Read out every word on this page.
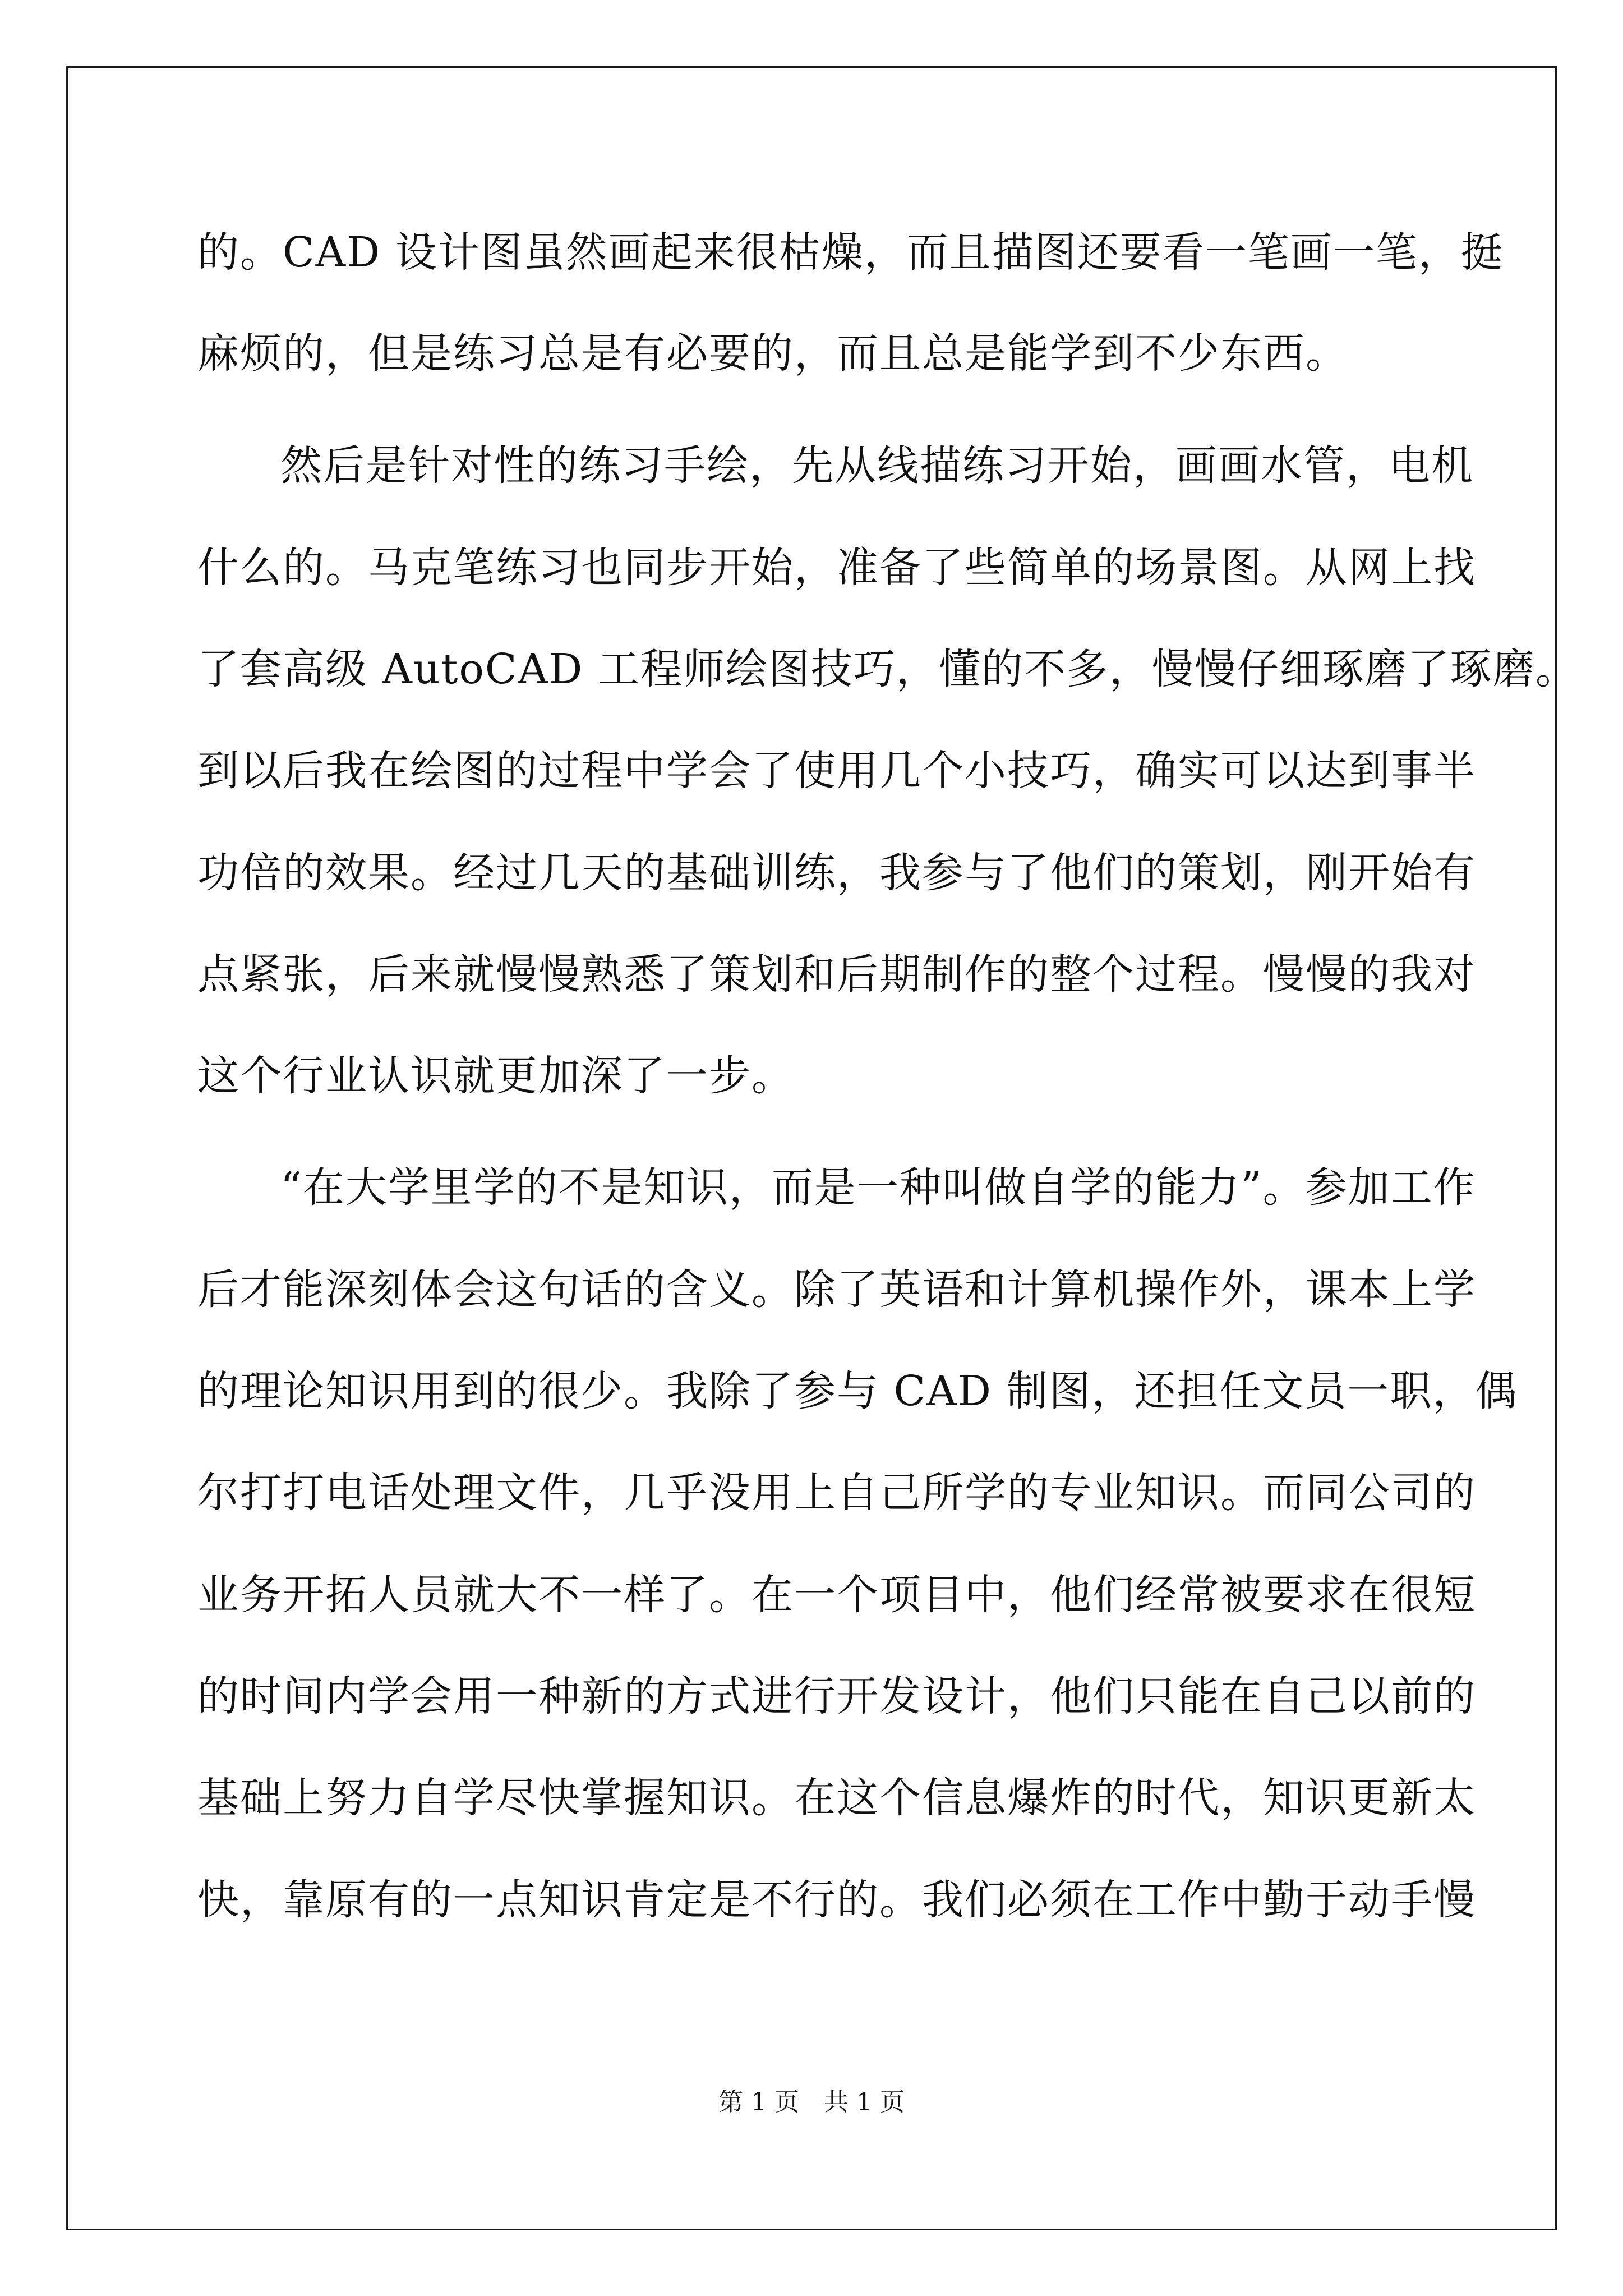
的。CAD 设计图虽然画起来很枯燥，而且描图还要看一笔画一笔，挺
麻烦的，但是练习总是有必要的，而且总是能学到不少东西。
然后是针对性的练习手绘，先从线描练习开始，画画水管，电机
什么的。马克笔练习也同步开始，准备了些简单的场景图。从网上找
了套高级 AutoCAD 工程师绘图技巧，懂的不多，慢慢仔细琢磨了琢磨。
到以后我在绘图的过程中学会了使用几个小技巧，确实可以达到事半
功倍的效果。经过几天的基础训练，我参与了他们的策划，刚开始有
点紧张，后来就慢慢熟悉了策划和后期制作的整个过程。慢慢的我对
这个行业认识就更加深了一步。
“在大学里学的不是知识，而是一种叫做自学的能力”。参加工作
后才能深刻体会这句话的含义。除了英语和计算机操作外，课本上学
的理论知识用到的很少。我除了参与 CAD 制图，还担任文员一职，偶
尔打打电话处理文件，几乎没用上自己所学的专业知识。而同公司的
业务开拓人员就大不一样了。在一个项目中，他们经常被要求在很短
的时间内学会用一种新的方式进行开发设计，他们只能在自己以前的
基础上努力自学尽快掌握知识。在这个信息爆炸的时代，知识更新太
快，靠原有的一点知识肯定是不行的。我们必须在工作中勤于动手慢
第 1 页 共 1 页
